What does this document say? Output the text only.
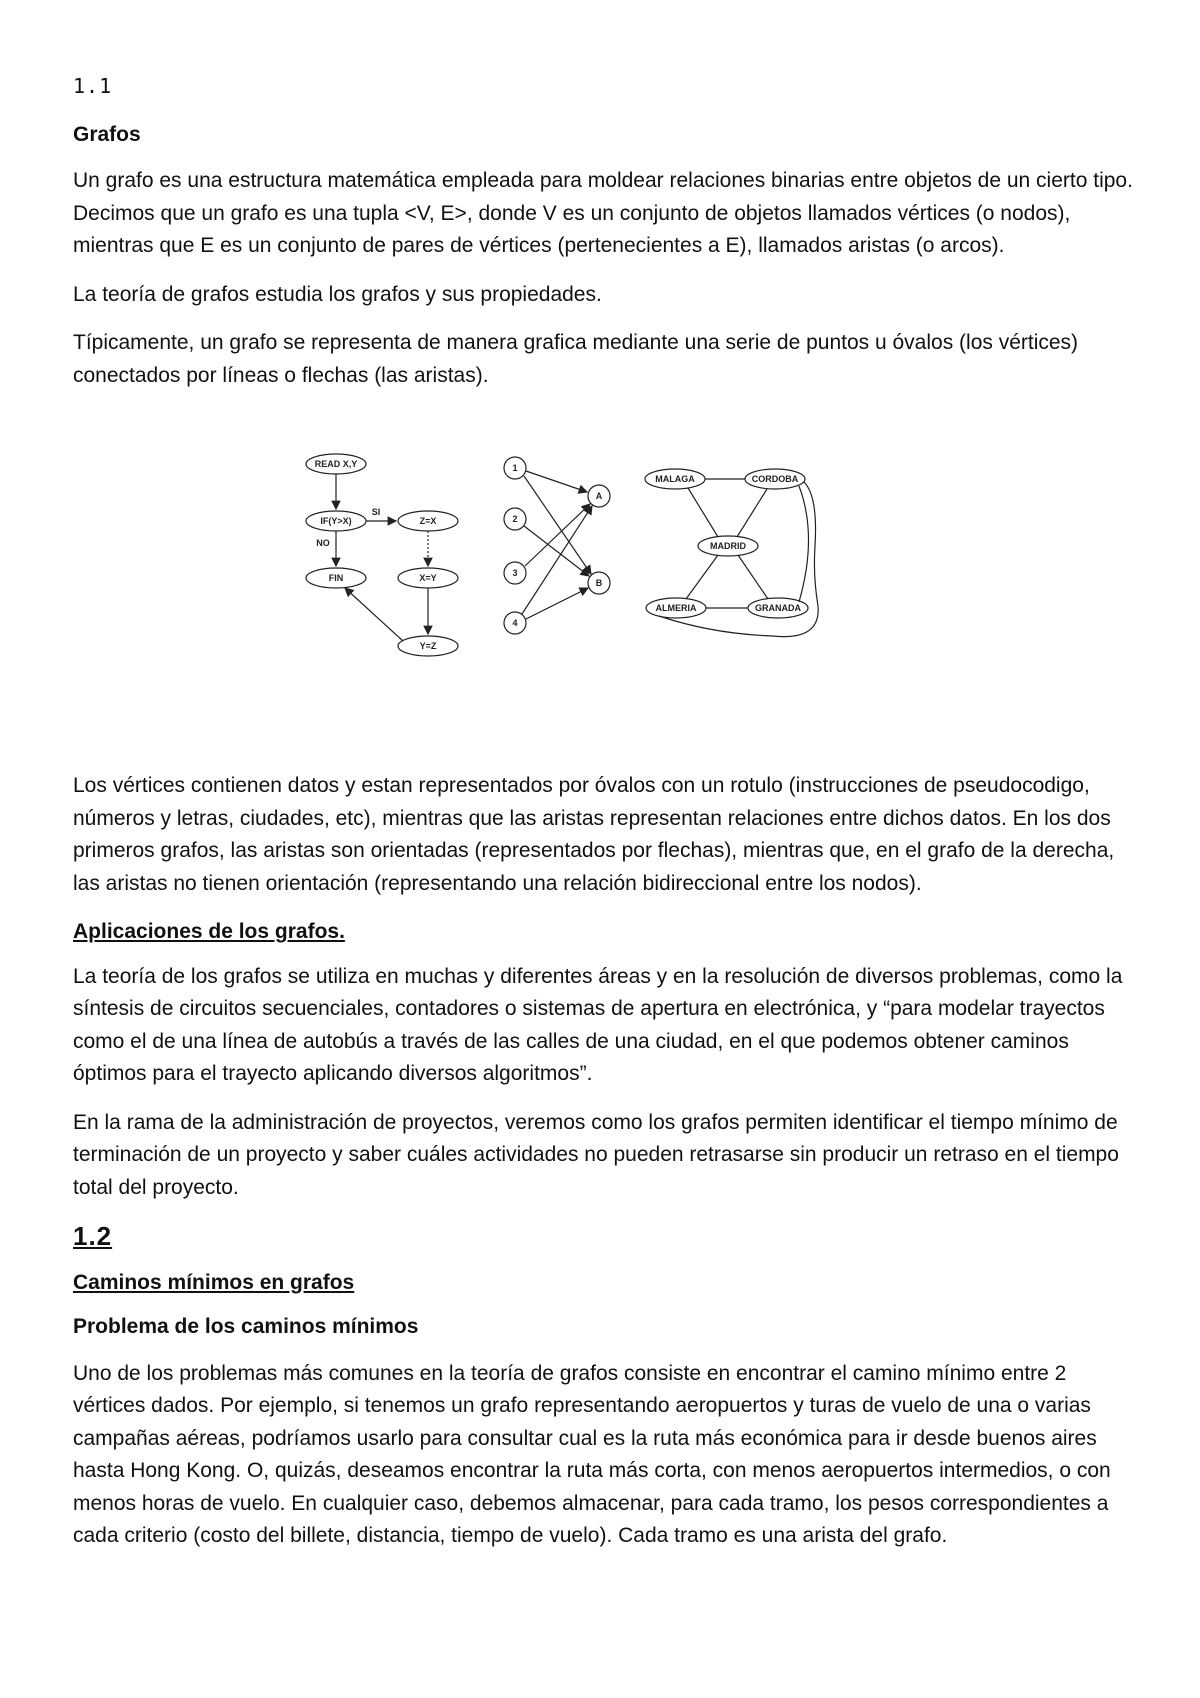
1.1
Grafos

Un grafo es una estructura matemática empleada para moldear relaciones binarias entre objetos de un cierto tipo. Decimos que un grafo es una tupla <V, E>, donde V es un conjunto de objetos llamados vértices (o nodos), mientras que E es un conjunto de pares de vértices (pertenecientes a E), llamados aristas (o arcos).

La teoría de grafos estudia los grafos y sus propiedades.

Típicamente, un grafo se representa de manera grafica mediante una serie de puntos u óvalos (los vértices) conectados por líneas o flechas (las aristas).

READ X,Y
IF(Y>X)	Z=X
FIN	X=Y
Y=Z
SI
NO
1
2
3
4
A
B
MALAGA	CORDOBA
MADRID
ALMERIA	GRANADA

Los vértices contienen datos y estan representados por óvalos con un rotulo (instrucciones de pseudocodigo, números y letras, ciudades, etc), mientras que las aristas representan relaciones entre dichos datos. En los dos primeros grafos, las aristas son orientadas (representados por flechas), mientras que, en el grafo de la derecha, las aristas no tienen orientación (representando una relación bidireccional entre los nodos).

Aplicaciones de los grafos.

La teoría de los grafos se utiliza en muchas y diferentes áreas y en la resolución de diversos problemas, como la síntesis de circuitos secuenciales, contadores o sistemas de apertura en electrónica, y “para modelar trayectos como el de una línea de autobús a través de las calles de una ciudad, en el que podemos obtener caminos óptimos para el trayecto aplicando diversos algoritmos”.

En la rama de la administración de proyectos, veremos como los grafos permiten identificar el tiempo mínimo de terminación de un proyecto y saber cuáles actividades no pueden retrasarse sin producir un retraso en el tiempo total del proyecto.

1.2
Caminos mínimos en grafos
Problema de los caminos mínimos

Uno de los problemas más comunes en la teoría de grafos consiste en encontrar el camino mínimo entre 2 vértices dados. Por ejemplo, si tenemos un grafo representando aeropuertos y turas de vuelo de una o varias campañas aéreas, podríamos usarlo para consultar cual es la ruta más económica para ir desde buenos aires hasta Hong Kong. O, quizás, deseamos encontrar la ruta más corta, con menos aeropuertos intermedios, o con menos horas de vuelo. En cualquier caso, debemos almacenar, para cada tramo, los pesos correspondientes a cada criterio (costo del billete, distancia, tiempo de vuelo). Cada tramo es una arista del grafo.
